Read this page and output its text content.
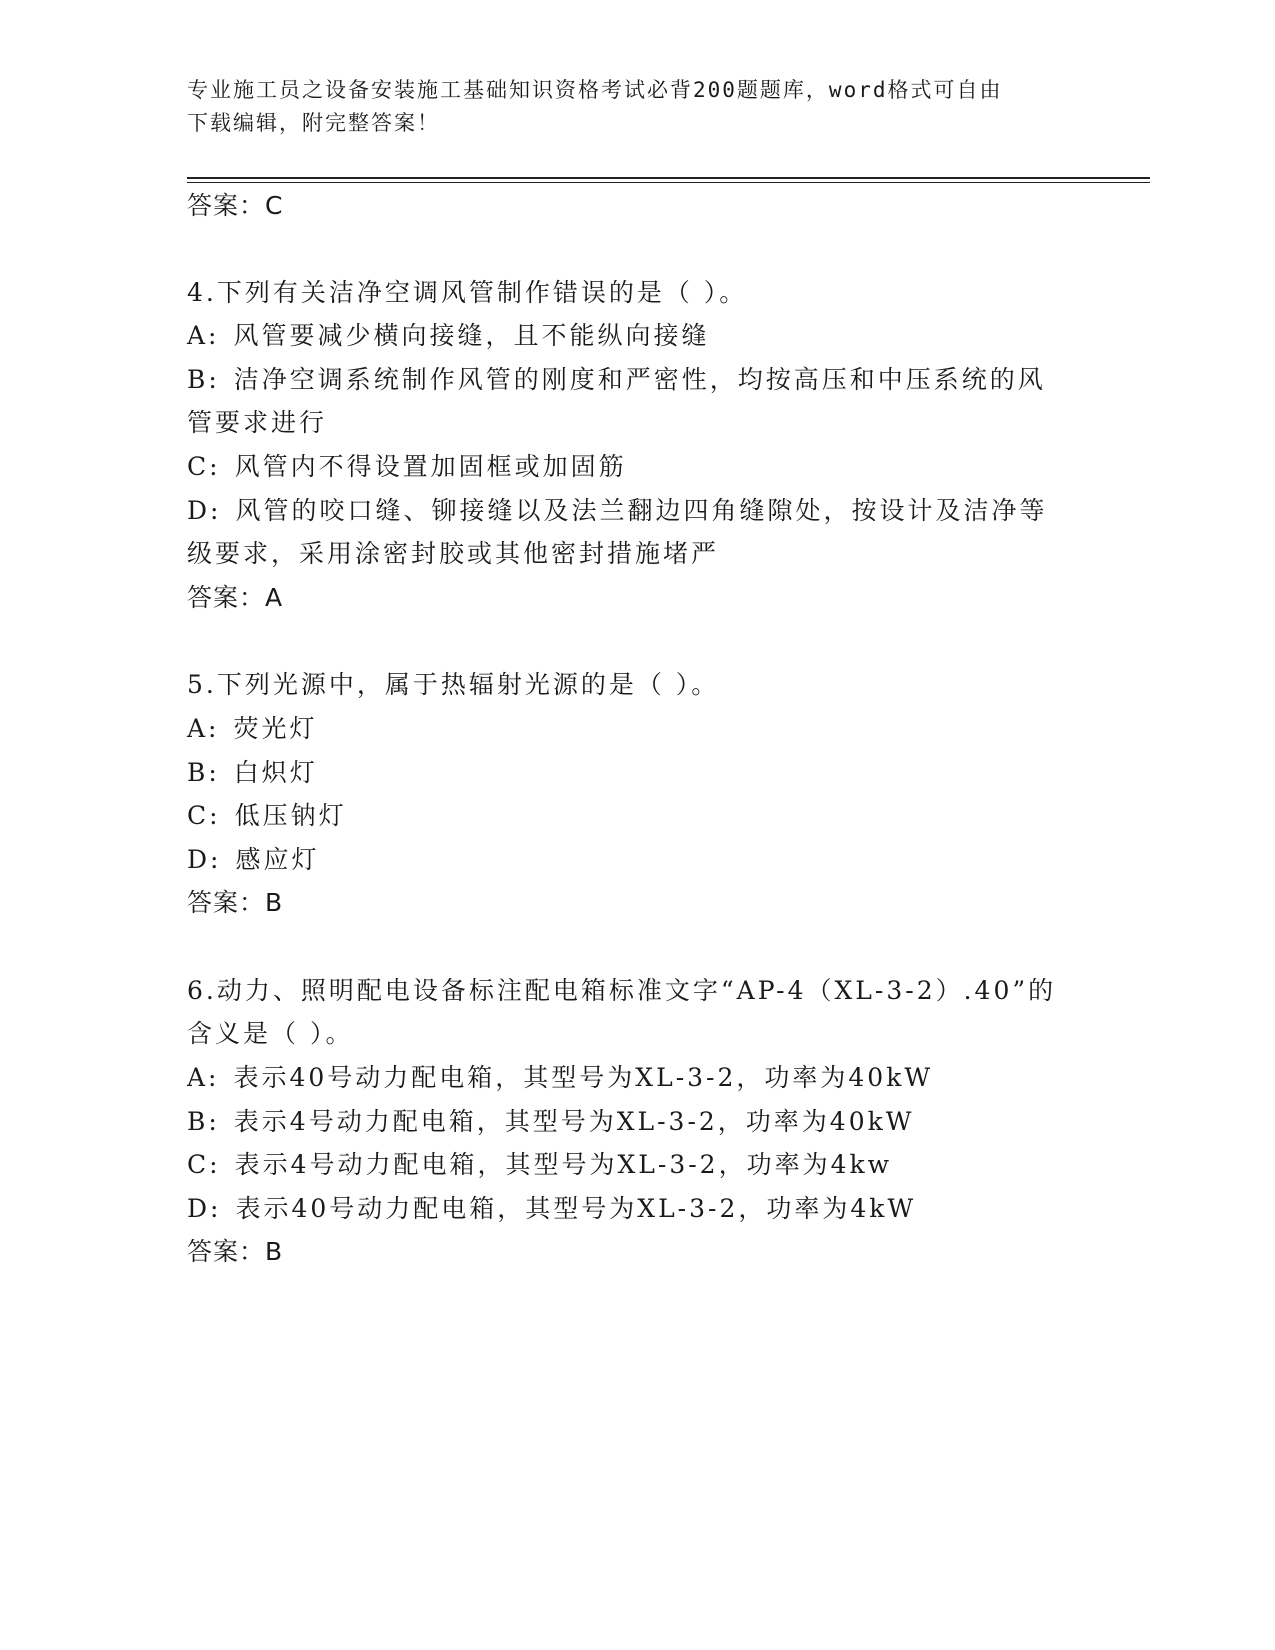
专业施工员之设备安装施工基础知识资格考试必背200题题库，word格式可自由
下载编辑，附完整答案！
答案：C
4.下列有关洁净空调风管制作错误的是（ ）。
A: 风管要减少横向接缝，且不能纵向接缝
B: 洁净空调系统制作风管的刚度和严密性，均按高压和中压系统的风
管要求进行
C: 风管内不得设置加固框或加固筋
D: 风管的咬口缝、铆接缝以及法兰翻边四角缝隙处，按设计及洁净等
级要求，采用涂密封胶或其他密封措施堵严
答案：A
5.下列光源中，属于热辐射光源的是（ ）。
A: 荧光灯
B: 白炽灯
C: 低压钠灯
D: 感应灯
答案：B
6.动力、照明配电设备标注配电箱标准文字“AP-4（XL-3-2）.40”的
含义是（ ）。
A: 表示40号动力配电箱，其型号为XL-3-2，功率为40kW
B: 表示4号动力配电箱，其型号为XL-3-2，功率为40kW
C: 表示4号动力配电箱，其型号为XL-3-2，功率为4kw
D: 表示40号动力配电箱，其型号为XL-3-2，功率为4kW
答案：B
